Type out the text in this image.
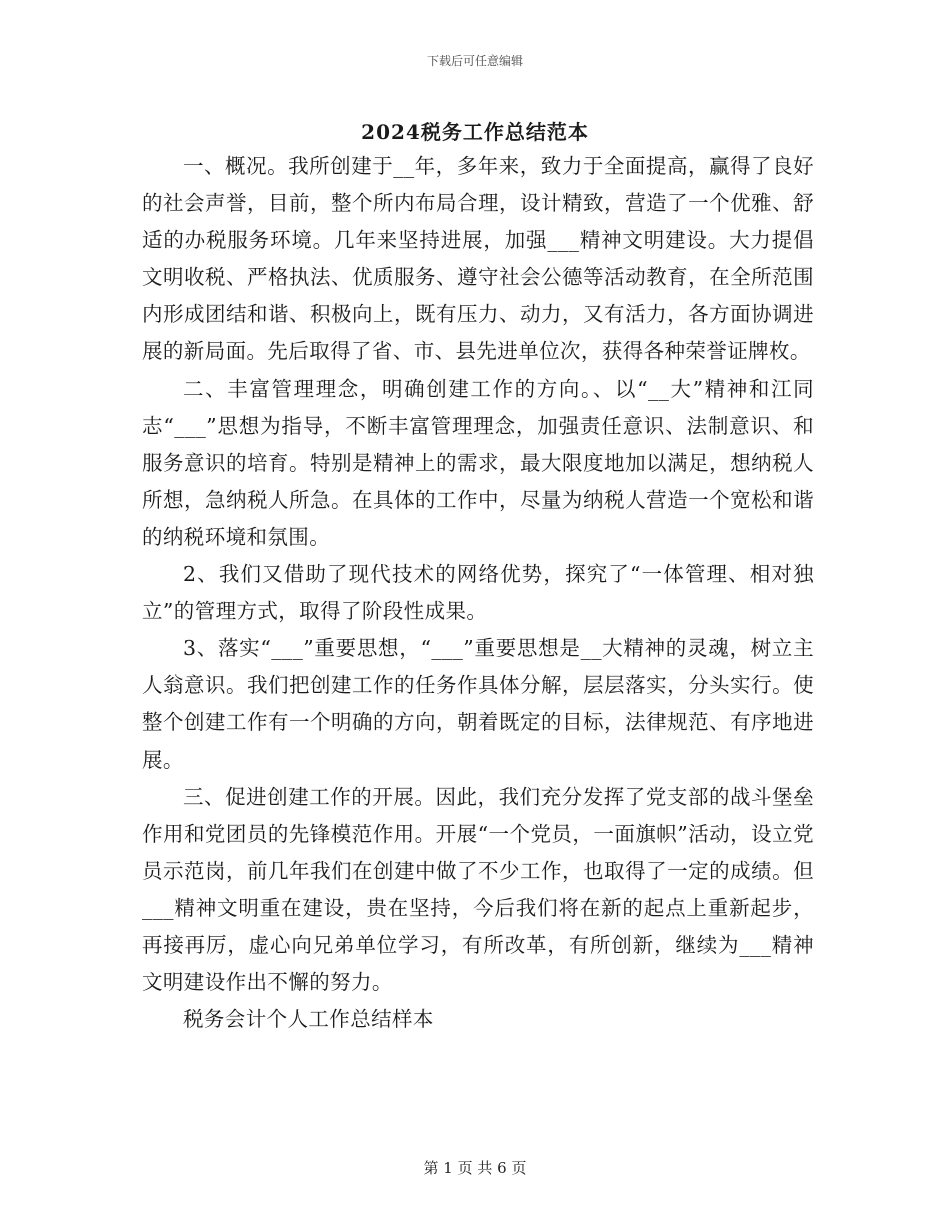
下载后可任意编辑
2024税务工作总结范本

一、概况。我所创建于__年，多年来，致力于全面提高，赢得了良好的社会声誉，目前，整个所内布局合理，设计精致，营造了一个优雅、舒适的办税服务环境。几年来坚持进展，加强___精神文明建设。大力提倡文明收税、严格执法、优质服务、遵守社会公德等活动教育，在全所范围内形成团结和谐、积极向上，既有压力、动力，又有活力，各方面协调进展的新局面。先后取得了省、市、县先进单位次，获得各种荣誉证牌枚。

二、丰富管理理念，明确创建工作的方向。、以“__大”精神和江同志“___”思想为指导，不断丰富管理理念，加强责任意识、法制意识、和服务意识的培育。特别是精神上的需求，最大限度地加以满足，想纳税人所想，急纳税人所急。在具体的工作中，尽量为纳税人营造一个宽松和谐的纳税环境和氛围。

2、我们又借助了现代技术的网络优势，探究了“一体管理、相对独立”的管理方式，取得了阶段性成果。

3、落实“___”重要思想，“___”重要思想是__大精神的灵魂，树立主人翁意识。我们把创建工作的任务作具体分解，层层落实，分头实行。使整个创建工作有一个明确的方向，朝着既定的目标，法律规范、有序地进展。

三、促进创建工作的开展。因此，我们充分发挥了党支部的战斗堡垒作用和党团员的先锋模范作用。开展“一个党员，一面旗帜”活动，设立党员示范岗，前几年我们在创建中做了不少工作，也取得了一定的成绩。但___精神文明重在建设，贵在坚持，今后我们将在新的起点上重新起步，再接再厉，虚心向兄弟单位学习，有所改革，有所创新，继续为___精神文明建设作出不懈的努力。

税务会计个人工作总结样本

第 1 页 共 6 页
